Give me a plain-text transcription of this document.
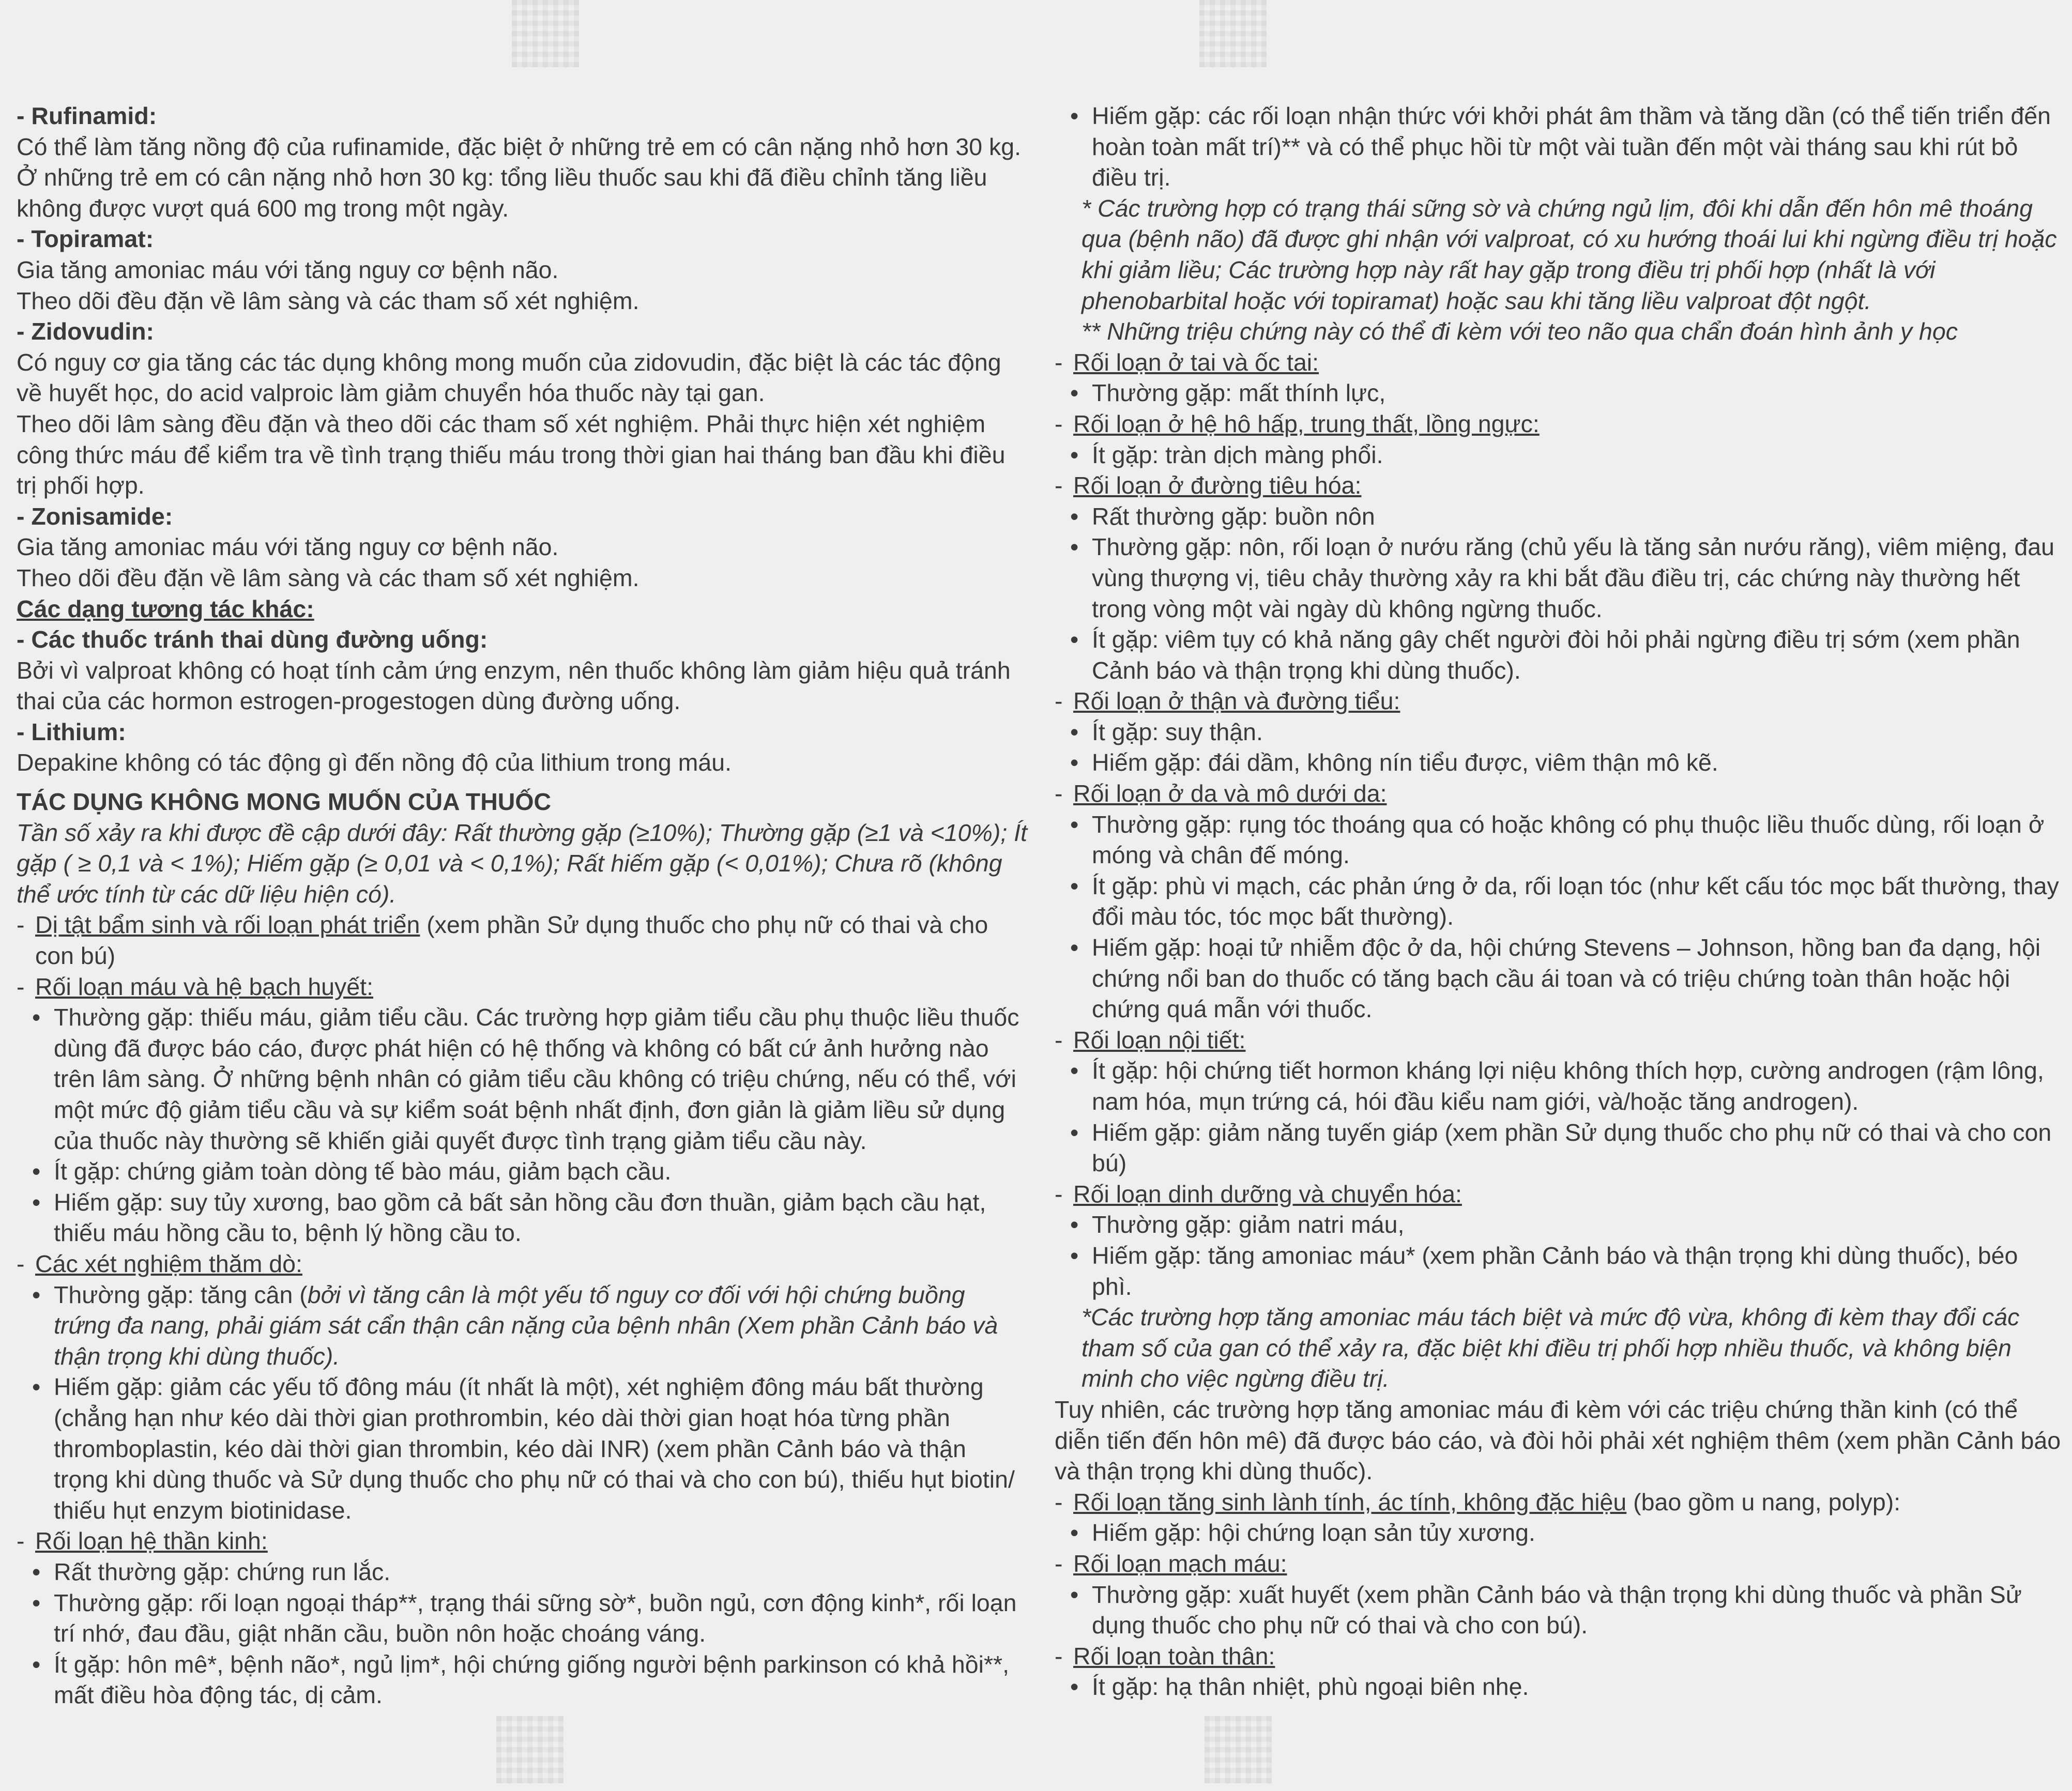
- Rufinamid:

Có thể làm tăng nồng độ của rufinamide, đặc biệt ở những trẻ em có cân nặng nhỏ hơn 30 kg. Ở những trẻ em có cân nặng nhỏ hơn 30 kg: tổng liều thuốc sau khi đã điều chỉnh tăng liều không được vượt quá 600 mg trong một ngày.

- Topiramat:

Gia tăng amoniac máu với tăng nguy cơ bệnh não.

Theo dõi đều đặn về lâm sàng và các tham số xét nghiệm.

- Zidovudin:

Có nguy cơ gia tăng các tác dụng không mong muốn của zidovudin, đặc biệt là các tác động về huyết học, do acid valproic làm giảm chuyển hóa thuốc này tại gan.

Theo dõi lâm sàng đều đặn và theo dõi các tham số xét nghiệm. Phải thực hiện xét nghiệm công thức máu để kiểm tra về tình trạng thiếu máu trong thời gian hai tháng ban đầu khi điều trị phối hợp.

- Zonisamide:

Gia tăng amoniac máu với tăng nguy cơ bệnh não.

Theo dõi đều đặn về lâm sàng và các tham số xét nghiệm.

Các dạng tương tác khác:

- Các thuốc tránh thai dùng đường uống:

Bởi vì valproat không có hoạt tính cảm ứng enzym, nên thuốc không làm giảm hiệu quả tránh thai của các hormon estrogen-progestogen dùng đường uống.

- Lithium:

Depakine không có tác động gì đến nồng độ của lithium trong máu.

TÁC DỤNG KHÔNG MONG MUỐN CỦA THUỐC

Tần số xảy ra khi được đề cập dưới đây: Rất thường gặp (≥10%); Thường gặp (≥1 và <10%); Ít gặp ( ≥ 0,1 và < 1%); Hiếm gặp (≥ 0,01 và < 0,1%); Rất hiếm gặp (< 0,01%); Chưa rõ (không thể ước tính từ các dữ liệu hiện có).

- Dị tật bẩm sinh và rối loạn phát triển (xem phần Sử dụng thuốc cho phụ nữ có thai và cho con bú)

- Rối loạn máu và hệ bạch huyết:

• Thường gặp: thiếu máu, giảm tiểu cầu. Các trường hợp giảm tiểu cầu phụ thuộc liều thuốc dùng đã được báo cáo, được phát hiện có hệ thống và không có bất cứ ảnh hưởng nào trên lâm sàng. Ở những bệnh nhân có giảm tiểu cầu không có triệu chứng, nếu có thể, với một mức độ giảm tiểu cầu và sự kiểm soát bệnh nhất định, đơn giản là giảm liều sử dụng của thuốc này thường sẽ khiến giải quyết được tình trạng giảm tiểu cầu này.

• Ít gặp: chứng giảm toàn dòng tế bào máu, giảm bạch cầu.

• Hiếm gặp: suy tủy xương, bao gồm cả bất sản hồng cầu đơn thuần, giảm bạch cầu hạt, thiếu máu hồng cầu to, bệnh lý hồng cầu to.

- Các xét nghiệm thăm dò:

• Thường gặp: tăng cân (bởi vì tăng cân là một yếu tố nguy cơ đối với hội chứng buồng trứng đa nang, phải giám sát cẩn thận cân nặng của bệnh nhân (Xem phần Cảnh báo và thận trọng khi dùng thuốc).

• Hiếm gặp: giảm các yếu tố đông máu (ít nhất là một), xét nghiệm đông máu bất thường (chẳng hạn như kéo dài thời gian prothrombin, kéo dài thời gian hoạt hóa từng phần thromboplastin, kéo dài thời gian thrombin, kéo dài INR) (xem phần Cảnh báo và thận trọng khi dùng thuốc và Sử dụng thuốc cho phụ nữ có thai và cho con bú), thiếu hụt biotin/ thiếu hụt enzym biotinidase.

- Rối loạn hệ thần kinh:

• Rất thường gặp: chứng run lắc.

• Thường gặp: rối loạn ngoại tháp**, trạng thái sững sờ*, buồn ngủ, cơn động kinh*, rối loạn trí nhớ, đau đầu, giật nhãn cầu, buồn nôn hoặc choáng váng.

• Ít gặp: hôn mê*, bệnh não*, ngủ lịm*, hội chứng giống người bệnh parkinson có khả hồi**, mất điều hòa động tác, dị cảm.

• Hiếm gặp: các rối loạn nhận thức với khởi phát âm thầm và tăng dần (có thể tiến triển đến hoàn toàn mất trí)** và có thể phục hồi từ một vài tuần đến một vài tháng sau khi rút bỏ điều trị.

* Các trường hợp có trạng thái sững sờ và chứng ngủ lịm, đôi khi dẫn đến hôn mê thoáng qua (bệnh não) đã được ghi nhận với valproat, có xu hướng thoái lui khi ngừng điều trị hoặc khi giảm liều; Các trường hợp này rất hay gặp trong điều trị phối hợp (nhất là với phenobarbital hoặc với topiramat) hoặc sau khi tăng liều valproat đột ngột.

** Những triệu chứng này có thể đi kèm với teo não qua chẩn đoán hình ảnh y học

- Rối loạn ở tai và ốc tai:

• Thường gặp: mất thính lực,

- Rối loạn ở hệ hô hấp, trung thất, lồng ngực:

• Ít gặp: tràn dịch màng phổi.

- Rối loạn ở đường tiêu hóa:

• Rất thường gặp: buồn nôn

• Thường gặp: nôn, rối loạn ở nướu răng (chủ yếu là tăng sản nướu răng), viêm miệng, đau vùng thượng vị, tiêu chảy thường xảy ra khi bắt đầu điều trị, các chứng này thường hết trong vòng một vài ngày dù không ngừng thuốc.

• Ít gặp: viêm tụy có khả năng gây chết người đòi hỏi phải ngừng điều trị sớm (xem phần Cảnh báo và thận trọng khi dùng thuốc).

- Rối loạn ở thận và đường tiểu:

• Ít gặp: suy thận.

• Hiếm gặp: đái dầm, không nín tiểu được, viêm thận mô kẽ.

- Rối loạn ở da và mô dưới da:

• Thường gặp: rụng tóc thoáng qua có hoặc không có phụ thuộc liều thuốc dùng, rối loạn ở móng và chân đế móng.

• Ít gặp: phù vi mạch, các phản ứng ở da, rối loạn tóc (như kết cấu tóc mọc bất thường, thay đổi màu tóc, tóc mọc bất thường).

• Hiếm gặp: hoại tử nhiễm độc ở da, hội chứng Stevens – Johnson, hồng ban đa dạng, hội chứng nổi ban do thuốc có tăng bạch cầu ái toan và có triệu chứng toàn thân hoặc hội chứng quá mẫn với thuốc.

- Rối loạn nội tiết:

• Ít gặp: hội chứng tiết hormon kháng lợi niệu không thích hợp, cường androgen (rậm lông, nam hóa, mụn trứng cá, hói đầu kiểu nam giới, và/hoặc tăng androgen).

• Hiếm gặp: giảm năng tuyến giáp (xem phần Sử dụng thuốc cho phụ nữ có thai và cho con bú)

- Rối loạn dinh dưỡng và chuyển hóa:

• Thường gặp: giảm natri máu,

• Hiếm gặp: tăng amoniac máu* (xem phần Cảnh báo và thận trọng khi dùng thuốc), béo phì.

*Các trường hợp tăng amoniac máu tách biệt và mức độ vừa, không đi kèm thay đổi các tham số của gan có thể xảy ra, đặc biệt khi điều trị phối hợp nhiều thuốc, và không biện minh cho việc ngừng điều trị.

Tuy nhiên, các trường hợp tăng amoniac máu đi kèm với các triệu chứng thần kinh (có thể diễn tiến đến hôn mê) đã được báo cáo, và đòi hỏi phải xét nghiệm thêm (xem phần Cảnh báo và thận trọng khi dùng thuốc).

- Rối loạn tăng sinh lành tính, ác tính, không đặc hiệu (bao gồm u nang, polyp):

• Hiếm gặp: hội chứng loạn sản tủy xương.

- Rối loạn mạch máu:

• Thường gặp: xuất huyết (xem phần Cảnh báo và thận trọng khi dùng thuốc và phần Sử dụng thuốc cho phụ nữ có thai và cho con bú).

- Rối loạn toàn thân:

• Ít gặp: hạ thân nhiệt, phù ngoại biên nhẹ.
